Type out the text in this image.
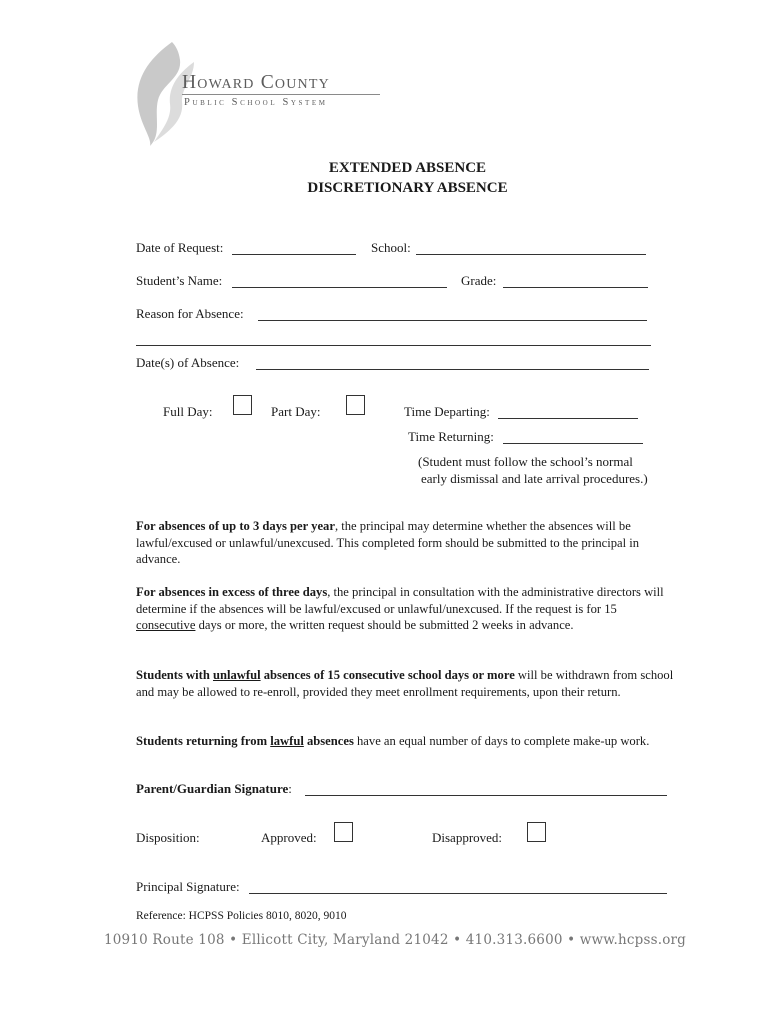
Howard County
Public School System
EXTENDED ABSENCE
DISCRETIONARY ABSENCE
Date of Request:	School:
Student’s Name:	Grade:
Reason for Absence:
Date(s) of Absence:
Full Day:	Part Day:	Time Departing:
Time Returning:
(Student must follow the school’s normal
early dismissal and late arrival procedures.)
For absences of up to 3 days per year, the principal may determine whether the absences will be lawful/excused or unlawful/unexcused. This completed form should be submitted to the principal in advance.
For absences in excess of three days, the principal in consultation with the administrative directors will determine if the absences will be lawful/excused or unlawful/unexcused. If the request is for 15 consecutive days or more, the written request should be submitted 2 weeks in advance.
Students with unlawful absences of 15 consecutive school days or more will be withdrawn from school and may be allowed to re-enroll, provided they meet enrollment requirements, upon their return.
Students returning from lawful absences have an equal number of days to complete make-up work.
Parent/Guardian Signature:
Disposition:	Approved:	Disapproved:
Principal Signature:
Reference: HCPSS Policies 8010, 8020, 9010
10910 Route 108 • Ellicott City, Maryland 21042 • 410.313.6600 • www.hcpss.org
